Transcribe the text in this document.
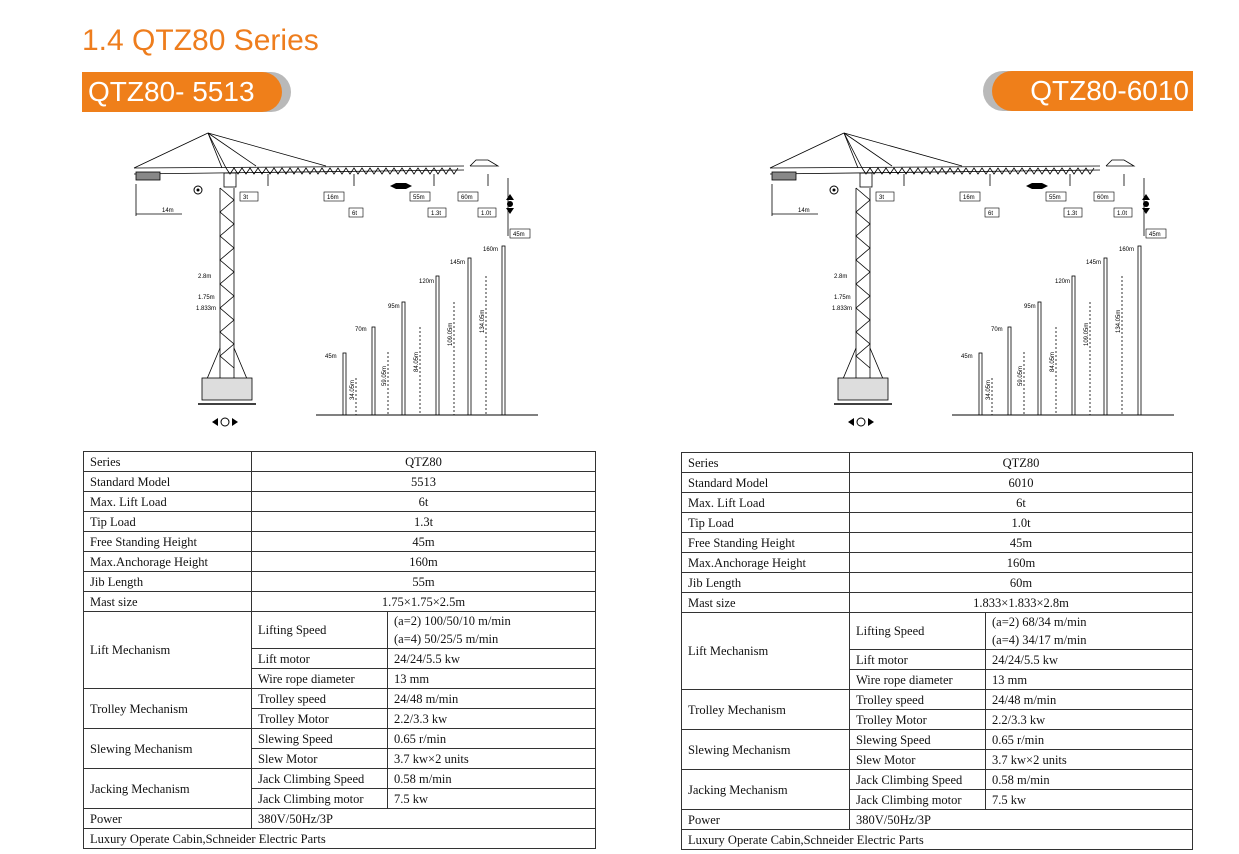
1.4 QTZ80 Series
QTZ80- 5513	QTZ80-6010
3t	16m
6t
55m
1.3t
60m
1.0t
45m
14m
2.8m
1.75m
1.833m
45m
70m
95m
120m
145m
160m
34.05m
59.05m
84.05m
109.05m
134.05m
3t	16m
6t
55m
1.3t
60m
1.0t
45m
14m
2.8m
1.75m
1.833m
45m
70m
95m
120m
145m
160m
34.05m
59.05m
84.05m
109.05m
134.05m
Series	QTZ80	
Standard Model	5513	
Max. Lift Load	6t	
Tip Load	1.3t	
Free Standing Height	45m	
Max.Anchorage Height	160m	
Jib Length	55m	
Mast size	1.75×1.75×2.5m	
Lift Mechanism	Lifting Speed	(a=2) 100/50/10 m/min
(a=4) 50/25/5 m/min

	Lift motor	24/24/5.5 kw
	Wire rope diameter	13 mm
Trolley Mechanism	Trolley speed	24/48 m/min
	Trolley Motor	2.2/3.3 kw
Slewing Mechanism	Slewing Speed	0.65 r/min
	Slew Motor	3.7 kw×2 units
Jacking Mechanism	Jack Climbing Speed	0.58 m/min
	Jack Climbing motor	7.5 kw
Power	380V/50Hz/3P	
Luxury Operate Cabin,Schneider Electric Parts		
Series	QTZ80	
Standard Model	6010	
Max. Lift Load	6t	
Tip Load	1.0t	
Free Standing Height	45m	
Max.Anchorage Height	160m	
Jib Length	60m	
Mast size	1.833×1.833×2.8m	
Lift Mechanism	Lifting Speed	(a=2) 68/34 m/min
(a=4) 34/17 m/min

	Lift motor	24/24/5.5 kw
	Wire rope diameter	13 mm
Trolley Mechanism	Trolley speed	24/48 m/min
	Trolley Motor	2.2/3.3 kw
Slewing Mechanism	Slewing Speed	0.65 r/min
	Slew Motor	3.7 kw×2 units
Jacking Mechanism	Jack Climbing Speed	0.58 m/min
	Jack Climbing motor	7.5 kw
Power	380V/50Hz/3P	
Luxury Operate Cabin,Schneider Electric Parts		
